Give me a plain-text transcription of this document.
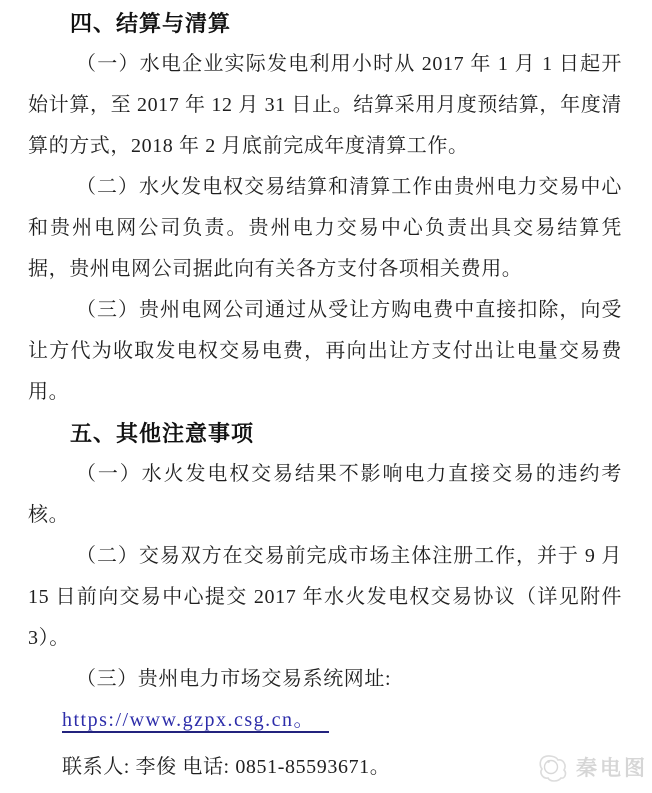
四、结算与清算

（一）水电企业实际发电利用小时从 2017 年 1 月 1 日起开始计算，至 2017 年 12 月 31 日止。结算采用月度预结算，年度清算的方式，2018 年 2 月底前完成年度清算工作。

（二）水火发电权交易结算和清算工作由贵州电力交易中心和贵州电网公司负责。贵州电力交易中心负责出具交易结算凭据，贵州电网公司据此向有关各方支付各项相关费用。

（三）贵州电网公司通过从受让方购电费中直接扣除，向受让方代为收取发电权交易电费，再向出让方支付出让电量交易费用。

五、其他注意事项

（一）水火发电权交易结果不影响电力直接交易的违约考核。

（二）交易双方在交易前完成市场主体注册工作，并于 9 月 15 日前向交易中心提交 2017 年水火发电权交易协议（详见附件 3）。

（三）贵州电力市场交易系统网址:

https://www.gzpx.csg.cn。

联系人: 李俊 电话: 0851-85593671。	秦电图
